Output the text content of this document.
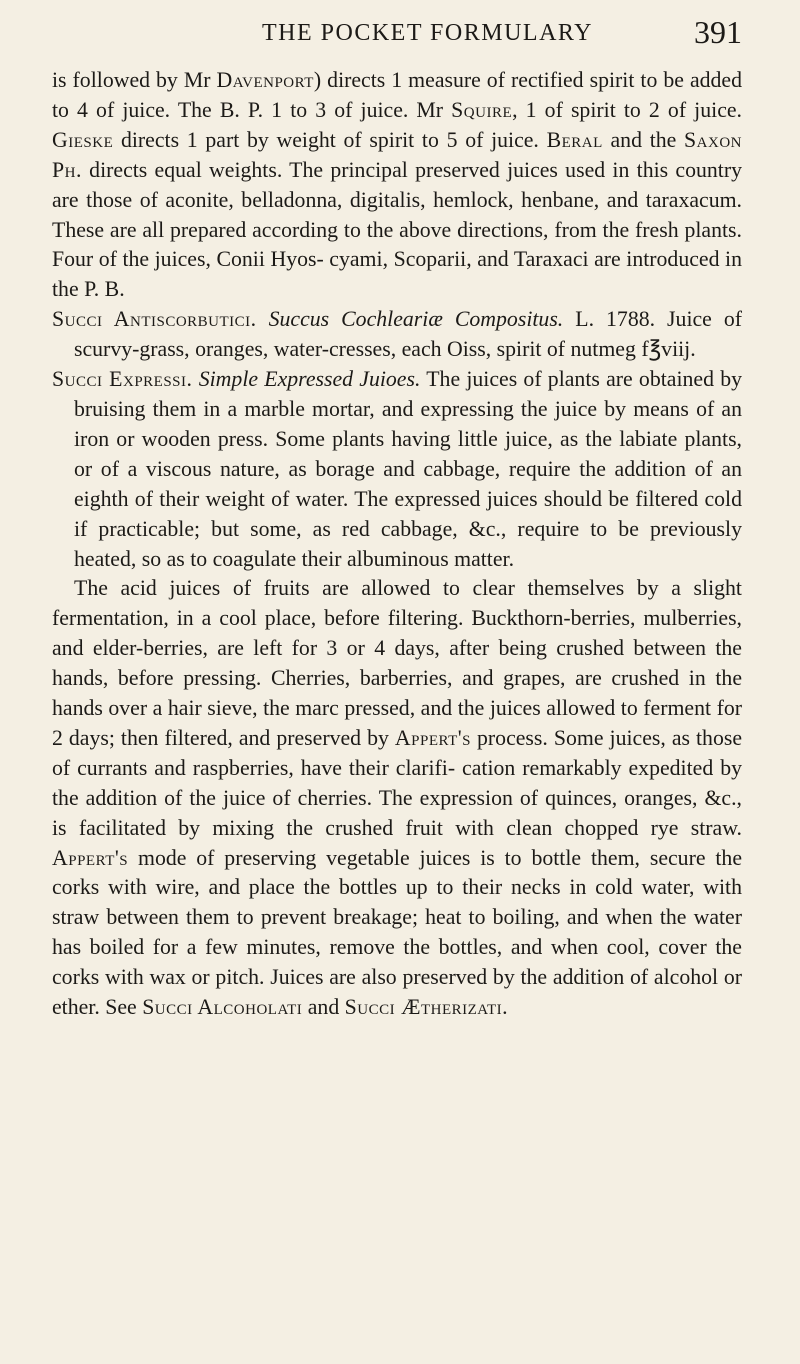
THE POCKET FORMULARY	391

is followed by Mr Davenport) directs 1 measure of rectified spirit to be added to 4 of juice. The B. P. 1 to 3 of juice. Mr Squire, 1 of spirit to 2 of juice. Gieske directs 1 part by weight of spirit to 5 of juice. Beral and the Saxon Ph. directs equal weights. The principal preserved juices used in this country are those of aconite, belladonna, digitalis, hemlock, henbane, and taraxacum. These are all prepared according to the above directions, from the fresh plants. Four of the juices, Conii Hyos- cyami, Scoparii, and Taraxaci are introduced in the P. B.

Succi Antiscorbutici. Succus Cochleariæ Compositus. L. 1788. Juice of scurvy-grass, oranges, water-cresses, each Oiss, spirit of nutmeg f℥viij.

Succi Expressi. Simple Expressed Juioes. The juices of plants are obtained by bruising them in a marble mortar, and expressing the juice by means of an iron or wooden press. Some plants having little juice, as the labiate plants, or of a viscous nature, as borage and cabbage, require the addition of an eighth of their weight of water. The expressed juices should be filtered cold if practicable; but some, as red cabbage, &c., require to be previously heated, so as to coagulate their albuminous matter.

The acid juices of fruits are allowed to clear themselves by a slight fermentation, in a cool place, before filtering. Buckthorn-berries, mulberries, and elder-berries, are left for 3 or 4 days, after being crushed between the hands, before pressing. Cherries, barberries, and grapes, are crushed in the hands over a hair sieve, the marc pressed, and the juices allowed to ferment for 2 days; then filtered, and preserved by Appert's process. Some juices, as those of currants and raspberries, have their clarifi- cation remarkably expedited by the addition of the juice of cherries. The expression of quinces, oranges, &c., is facilitated by mixing the crushed fruit with clean chopped rye straw. Appert's mode of preserving vegetable juices is to bottle them, secure the corks with wire, and place the bottles up to their necks in cold water, with straw between them to prevent breakage; heat to boiling, and when the water has boiled for a few minutes, remove the bottles, and when cool, cover the corks with wax or pitch. Juices are also preserved by the addition of alcohol or ether. See Succi Alcoholati and Succi Ætherizati.
